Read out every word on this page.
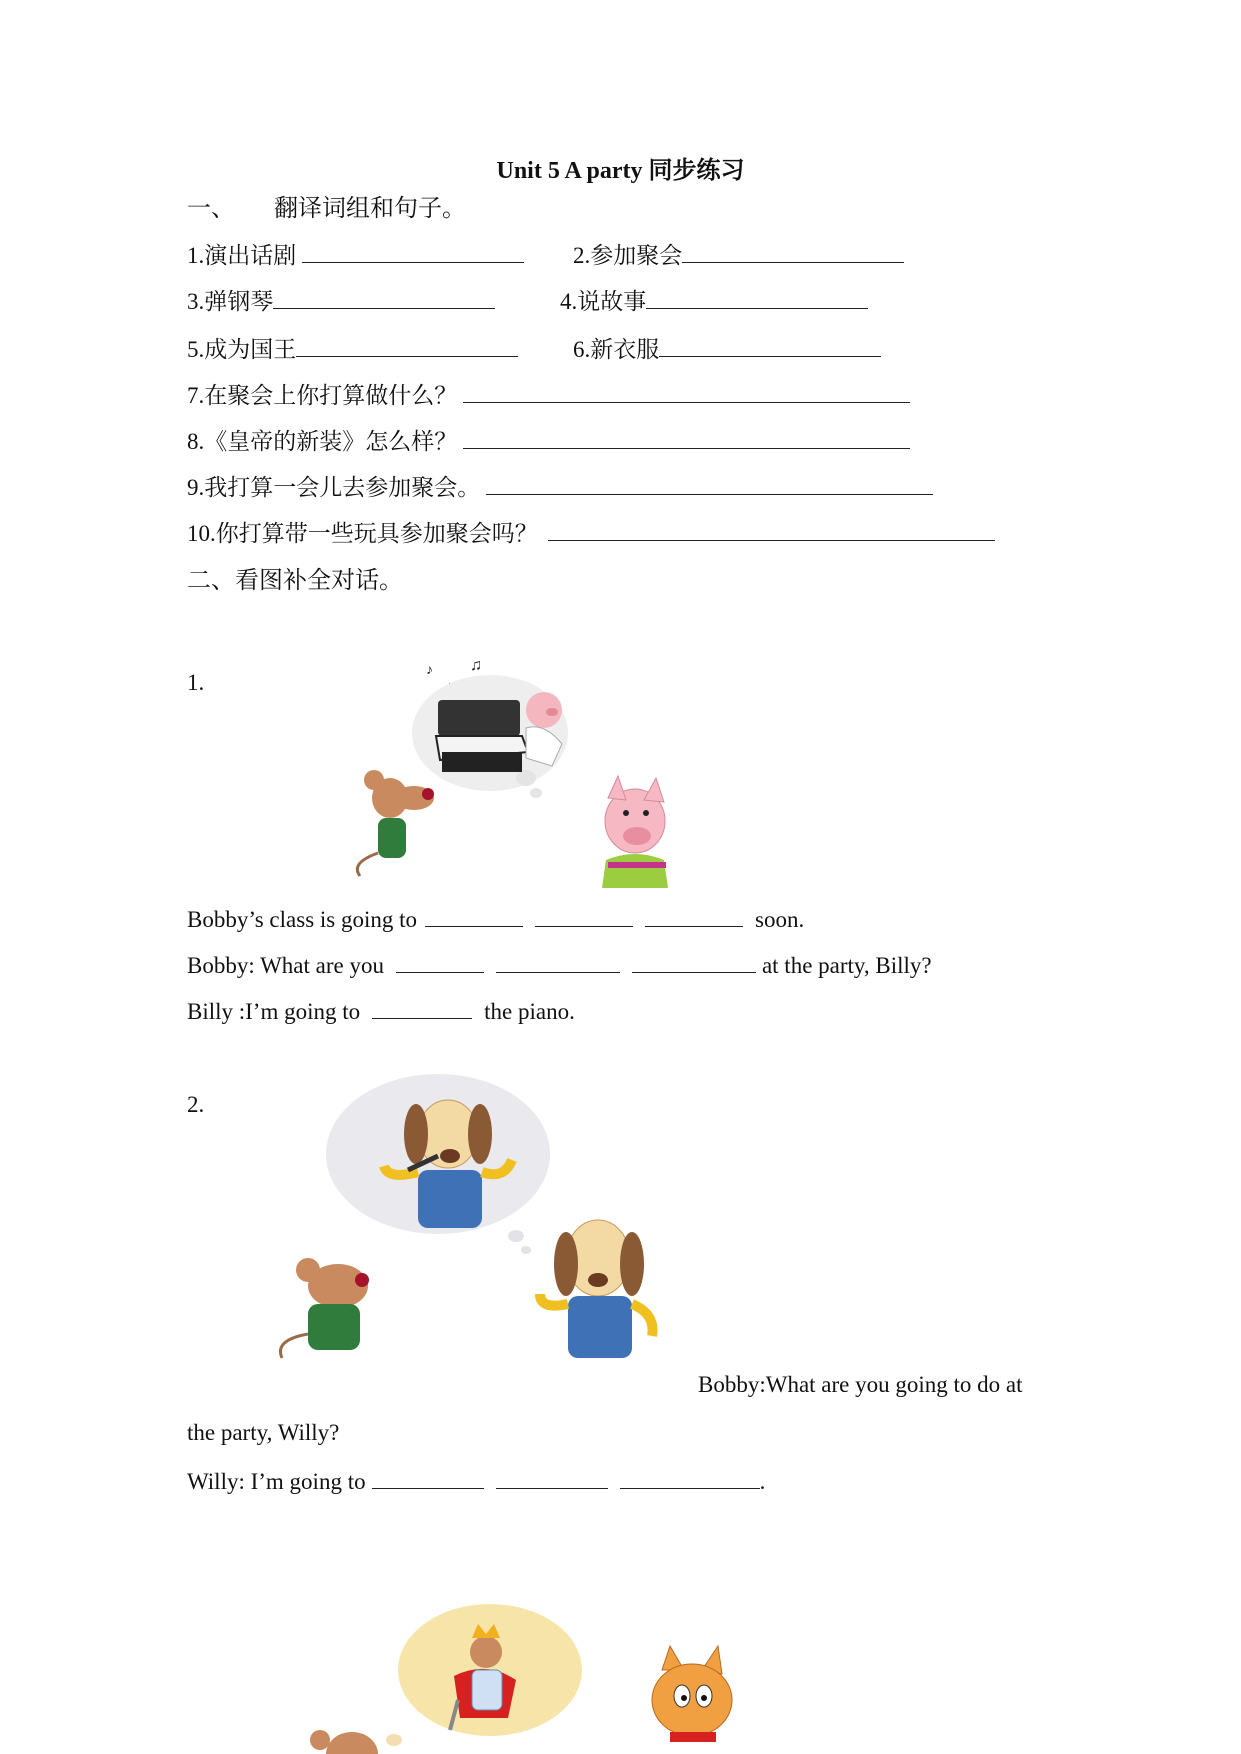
Unit 5 A party 同步练习
一、 翻译词组和句子。
1.演出话剧	2.参加聚会
3.弹钢琴	4.说故事
5.成为国王	6.新衣服
7.在聚会上你打算做什么？
8.《皇帝的新装》怎么样？
9.我打算一会儿去参加聚会。
10.你打算带一些玩具参加聚会吗？
二、看图补全对话。
1.
♫
♪
Bobby’s class is going to	soon.
Bobby: What are you	at the party, Billy?
Billy :I’m going to	the piano.
2.
Bobby:What are you going to do at
the party, Willy?
Willy: I’m going to	.
